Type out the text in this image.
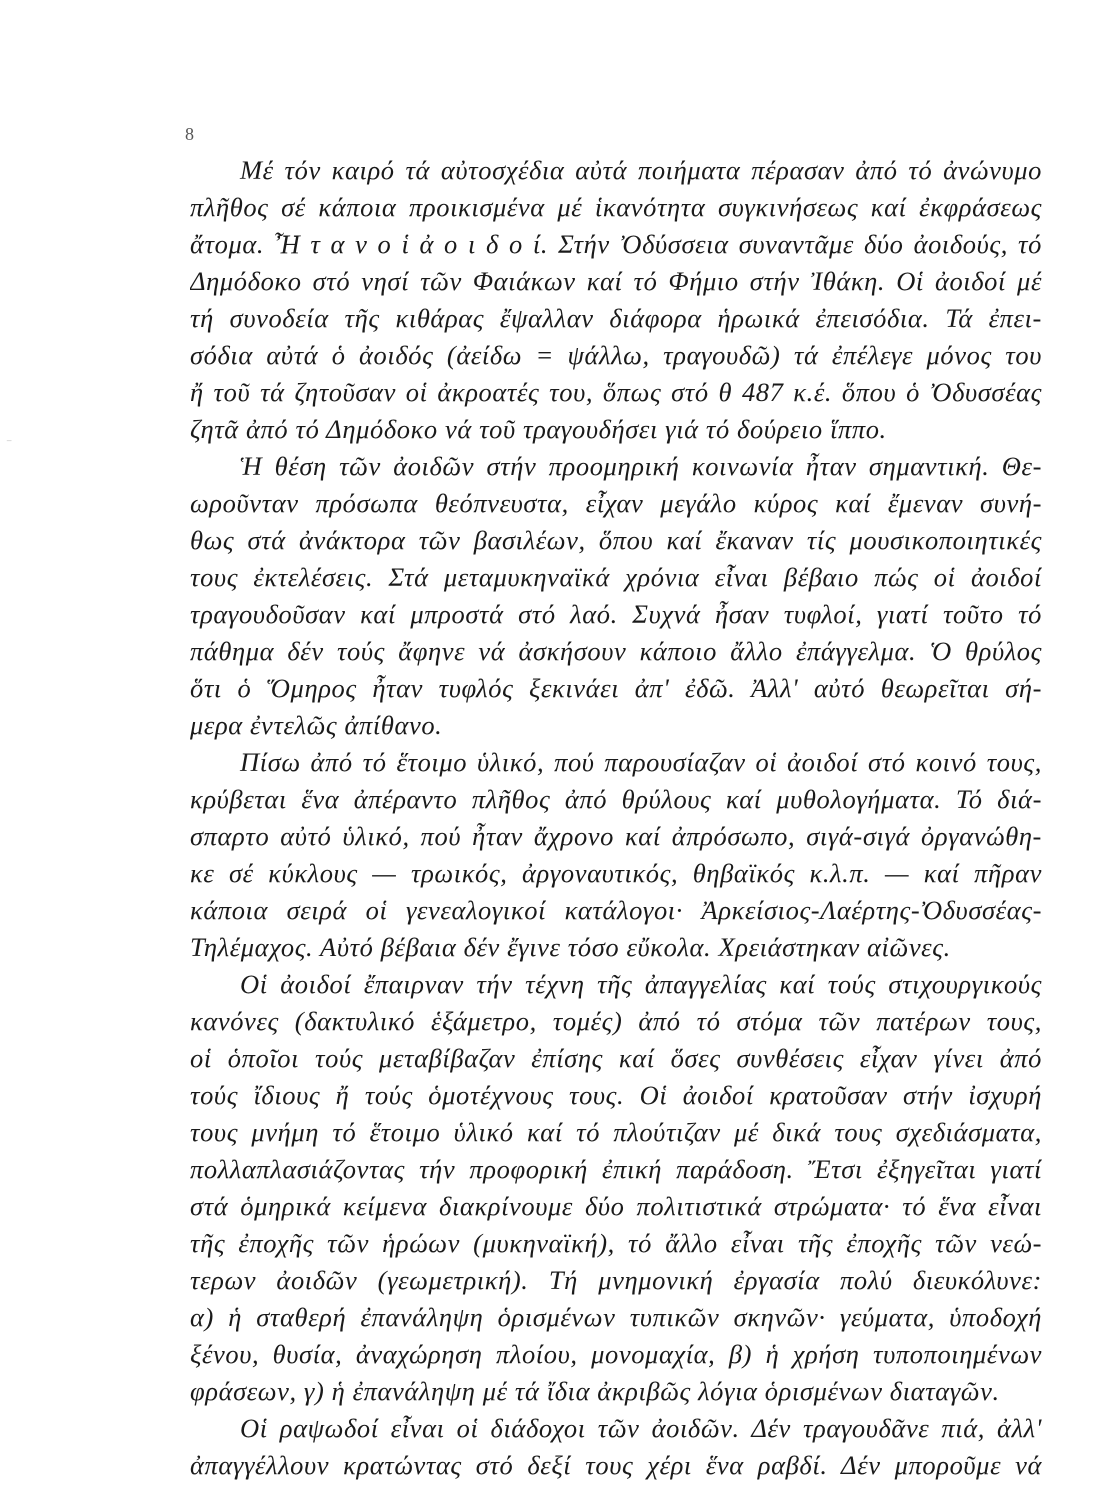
8
⁻
Μέ τόν καιρό τά αὐτοσχέδια αὐτά ποιήματα πέρασαν ἀπό τό ἀνώνυμο
πλῆθος σέ κάποια προικισμένα μέ ἱκανότητα συγκινήσεως καί ἐκφράσεως
ἄτομα. Ἦ τ α ν ο ἱ ἀ ο ι δ ο ί. Στήν Ὀδύσσεια συναντᾶμε δύο ἀοιδούς, τό
Δημόδοκο στό νησί τῶν Φαιάκων καί τό Φήμιο στήν Ἰθάκη. Οἱ ἀοιδοί μέ
τή συνοδεία τῆς κιθάρας ἔψαλλαν διάφορα ἡρωικά ἐπεισόδια. Τά ἐπει-
σόδια αὐτά ὁ ἀοιδός (ἀείδω = ψάλλω, τραγουδῶ) τά ἐπέλεγε μόνος του
ἤ τοῦ τά ζητοῦσαν οἱ ἀκροατές του, ὅπως στό θ 487 κ.έ. ὅπου ὁ Ὀδυσσέας
ζητᾶ ἀπό τό Δημόδοκο νά τοῦ τραγουδήσει γιά τό δούρειο ἵππο.
Ἡ θέση τῶν ἀοιδῶν στήν προομηρική κοινωνία ἦταν σημαντική. Θε-
ωροῦνταν πρόσωπα θεόπνευστα, εἶχαν μεγάλο κύρος καί ἔμεναν συνή-
θως στά ἀνάκτορα τῶν βασιλέων, ὅπου καί ἔκαναν τίς μουσικοποιητικές
τους ἐκτελέσεις. Στά μεταμυκηναϊκά χρόνια εἶναι βέβαιο πώς οἱ ἀοιδοί
τραγουδοῦσαν καί μπροστά στό λαό. Συχνά ἦσαν τυφλοί, γιατί τοῦτο τό
πάθημα δέν τούς ἄφηνε νά ἀσκήσουν κάποιο ἄλλο ἐπάγγελμα. Ὁ θρύλος
ὅτι ὁ Ὅμηρος ἦταν τυφλός ξεκινάει ἀπ' ἐδῶ. Ἀλλ' αὐτό θεωρεῖται σή-
μερα ἐντελῶς ἀπίθανο.
Πίσω ἀπό τό ἕτοιμο ὑλικό, πού παρουσίαζαν οἱ ἀοιδοί στό κοινό τους,
κρύβεται ἕνα ἀπέραντο πλῆθος ἀπό θρύλους καί μυθολογήματα. Τό διά-
σπαρτο αὐτό ὑλικό, πού ἦταν ἄχρονο καί ἀπρόσωπο, σιγά-σιγά ὀργανώθη-
κε σέ κύκλους — τρωικός, ἀργοναυτικός, θηβαϊκός κ.λ.π. — καί πῆραν
κάποια σειρά οἱ γενεαλογικοί κατάλογοι· Ἀρκείσιος-Λαέρτης-Ὀδυσσέας-
Τηλέμαχος. Αὐτό βέβαια δέν ἔγινε τόσο εὔκολα. Χρειάστηκαν αἰῶνες.
Οἱ ἀοιδοί ἔπαιρναν τήν τέχνη τῆς ἀπαγγελίας καί τούς στιχουργικούς
κανόνες (δακτυλικό ἑξάμετρο, τομές) ἀπό τό στόμα τῶν πατέρων τους,
οἱ ὁποῖοι τούς μεταβίβαζαν ἐπίσης καί ὅσες συνθέσεις εἶχαν γίνει ἀπό
τούς ἴδιους ἤ τούς ὁμοτέχνους τους. Οἱ ἀοιδοί κρατοῦσαν στήν ἰσχυρή
τους μνήμη τό ἕτοιμο ὑλικό καί τό πλούτιζαν μέ δικά τους σχεδιάσματα,
πολλαπλασιάζοντας τήν προφορική ἐπική παράδοση. Ἔτσι ἐξηγεῖται γιατί
στά ὁμηρικά κείμενα διακρίνουμε δύο πολιτιστικά στρώματα· τό ἕνα εἶναι
τῆς ἐποχῆς τῶν ἡρώων (μυκηναϊκή), τό ἄλλο εἶναι τῆς ἐποχῆς τῶν νεώ-
τερων ἀοιδῶν (γεωμετρική). Τή μνημονική ἐργασία πολύ διευκόλυνε:
α) ἡ σταθερή ἐπανάληψη ὁρισμένων τυπικῶν σκηνῶν· γεύματα, ὑποδοχή
ξένου, θυσία, ἀναχώρηση πλοίου, μονομαχία, β) ἡ χρήση τυποποιημένων
φράσεων, γ) ἡ ἐπανάληψη μέ τά ἴδια ἀκριβῶς λόγια ὁρισμένων διαταγῶν.
Οἱ ραψωδοί εἶναι οἱ διάδοχοι τῶν ἀοιδῶν. Δέν τραγουδᾶνε πιά, ἀλλ'
ἀπαγγέλλουν κρατώντας στό δεξί τους χέρι ἕνα ραβδί. Δέν μποροῦμε νά
